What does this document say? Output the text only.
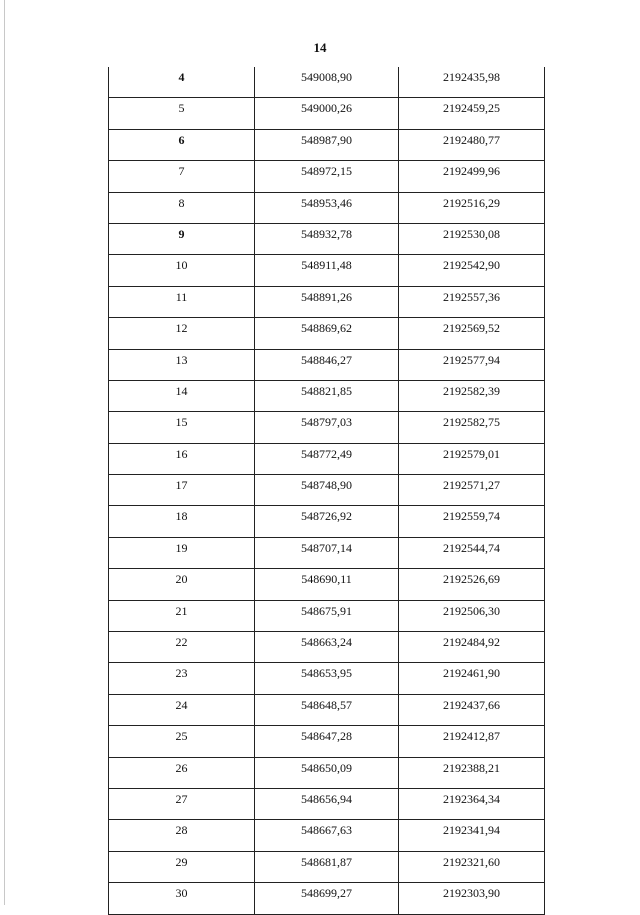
14
4	549008,90	2192435,98
5	549000,26	2192459,25
6	548987,90	2192480,77
7	548972,15	2192499,96
8	548953,46	2192516,29
9	548932,78	2192530,08
10	548911,48	2192542,90
11	548891,26	2192557,36
12	548869,62	2192569,52
13	548846,27	2192577,94
14	548821,85	2192582,39
15	548797,03	2192582,75
16	548772,49	2192579,01
17	548748,90	2192571,27
18	548726,92	2192559,74
19	548707,14	2192544,74
20	548690,11	2192526,69
21	548675,91	2192506,30
22	548663,24	2192484,92
23	548653,95	2192461,90
24	548648,57	2192437,66
25	548647,28	2192412,87
26	548650,09	2192388,21
27	548656,94	2192364,34
28	548667,63	2192341,94
29	548681,87	2192321,60
30	548699,27	2192303,90
